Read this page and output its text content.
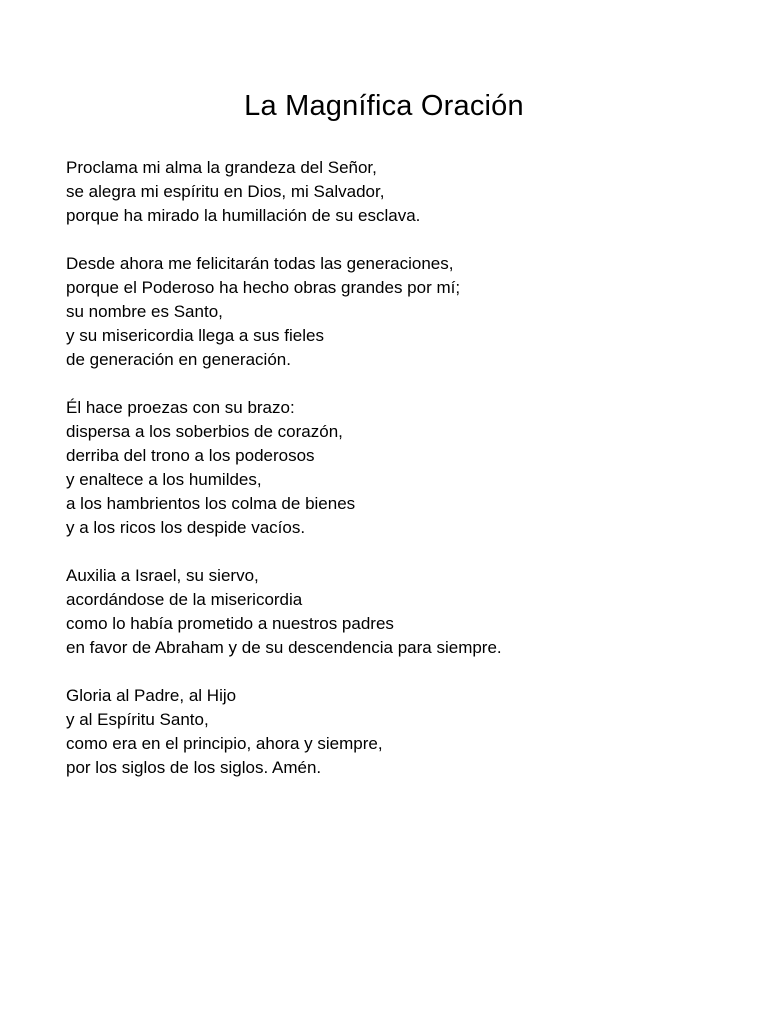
La Magnífica Oración
Proclama mi alma la grandeza del Señor,
se alegra mi espíritu en Dios, mi Salvador,
porque ha mirado la humillación de su esclava.
Desde ahora me felicitarán todas las generaciones,
porque el Poderoso ha hecho obras grandes por mí;
su nombre es Santo,
y su misericordia llega a sus fieles
de generación en generación.
Él hace proezas con su brazo:
dispersa a los soberbios de corazón,
derriba del trono a los poderosos
y enaltece a los humildes,
a los hambrientos los colma de bienes
y a los ricos los despide vacíos.
Auxilia a Israel, su siervo,
acordándose de la misericordia
como lo había prometido a nuestros padres
en favor de Abraham y de su descendencia para siempre.
Gloria al Padre, al Hijo
y al Espíritu Santo,
como era en el principio, ahora y siempre,
por los siglos de los siglos. Amén.
